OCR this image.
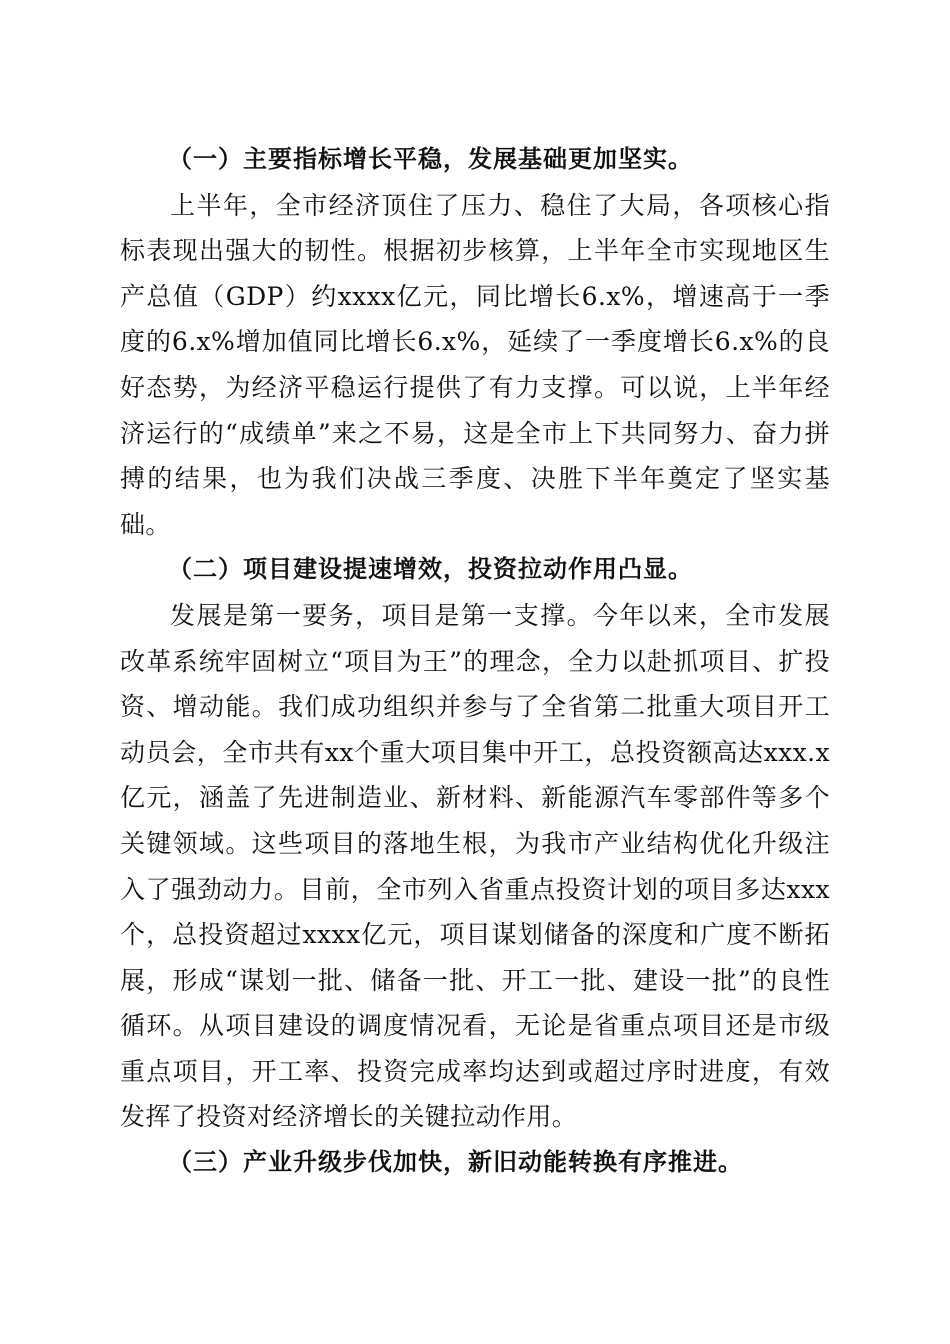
（一）主要指标增长平稳，发展基础更加坚实。

上半年，全市经济顶住了压力、稳住了大局，各项核心指标表现出强大的韧性。根据初步核算，上半年全市实现地区生产总值（GDP）约xxxx亿元，同比增长6.x%，增速高于一季度的6.x%增加值同比增长6.x%，延续了一季度增长6.x%的良好态势，为经济平稳运行提供了有力支撑。可以说，上半年经济运行的“成绩单”来之不易，这是全市上下共同努力、奋力拼搏的结果，也为我们决战三季度、决胜下半年奠定了坚实基础。

（二）项目建设提速增效，投资拉动作用凸显。

发展是第一要务，项目是第一支撑。今年以来，全市发展改革系统牢固树立“项目为王”的理念，全力以赴抓项目、扩投资、增动能。我们成功组织并参与了全省第二批重大项目开工动员会，全市共有xx个重大项目集中开工，总投资额高达xxx.x亿元，涵盖了先进制造业、新材料、新能源汽车零部件等多个关键领域。这些项目的落地生根，为我市产业结构优化升级注入了强劲动力。目前，全市列入省重点投资计划的项目多达xxx个，总投资超过xxxx亿元，项目谋划储备的深度和广度不断拓展，形成“谋划一批、储备一批、开工一批、建设一批”的良性循环。从项目建设的调度情况看，无论是省重点项目还是市级重点项目，开工率、投资完成率均达到或超过序时进度，有效发挥了投资对经济增长的关键拉动作用。

（三）产业升级步伐加快，新旧动能转换有序推进。
